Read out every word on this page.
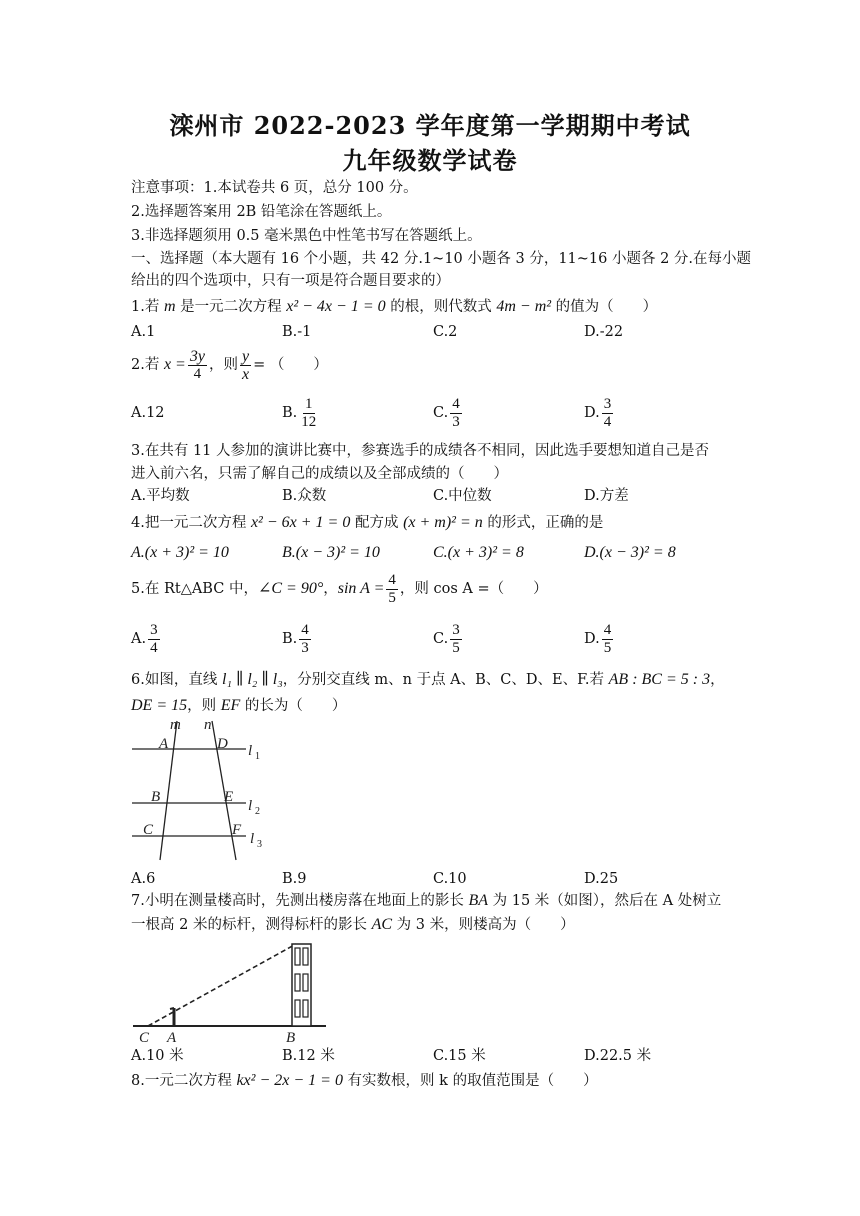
滦州市 2022-2023 学年度第一学期期中考试
九年级数学试卷
注意事项：1.本试卷共 6 页，总分 100 分。
2.选择题答案用 2B 铅笔涂在答题纸上。
3.非选择题须用 0.5 毫米黑色中性笔书写在答题纸上。
一、选择题（本大题有 16 个小题，共 42 分.1~10 小题各 3 分，11~16 小题各 2 分.在每小题
给出的四个选项中，只有一项是符合题目要求的）
1.若 m 是一元二次方程 x² − 4x − 1 = 0 的根，则代数式 4m − m² 的值为（　　）
A.1	B.-1	C.2	D.-22
2.若 $x = \frac{3y}{4}$ ，则 $\frac{y}{x}$ = （　　）
A.12	B. $\frac{1}{12}$	C. $\frac{4}{3}$	D. $\frac{3}{4}$
3.在共有 11 人参加的演讲比赛中，参赛选手的成绩各不相同，因此选手要想知道自己是否
进入前六名，只需了解自己的成绩以及全部成绩的（　　）
A.平均数	B.众数	C.中位数	D.方差
4.把一元二次方程 x² − 6x + 1 = 0 配方成 (x + m)² = n 的形式，正确的是
A.(x + 3)² = 10	B.(x − 3)² = 10	C.(x + 3)² = 8	D.(x − 3)² = 8
5.在 Rt△ABC 中，∠C = 90°，$\sin A = \frac{4}{5}$ ，则 cos A =（　　）
A. $\frac{3}{4}$	B. $\frac{4}{3}$	C. $\frac{3}{5}$	D. $\frac{4}{5}$
6.如图，直线 l₁ ∥ l₂ ∥ l₃，分别交直线 m、n 于点 A、B、C、D、E、F.若 AB : BC = 5 : 3，
DE = 15，则 EF 的长为（　　）
m n
A	D
B	E
C	F
l 1
l 2
l 3
A.6	B.9	C.10	D.25
7.小明在测量楼高时，先测出楼房落在地面上的影长 BA 为 15 米（如图），然后在 A 处树立
一根高 2 米的标杆，测得标杆的影长 AC 为 3 米，则楼高为（　　）
C A	B
A.10 米	B.12 米	C.15 米	D.22.5 米
8.一元二次方程 kx² − 2x − 1 = 0 有实数根，则 k 的取值范围是（　　）
